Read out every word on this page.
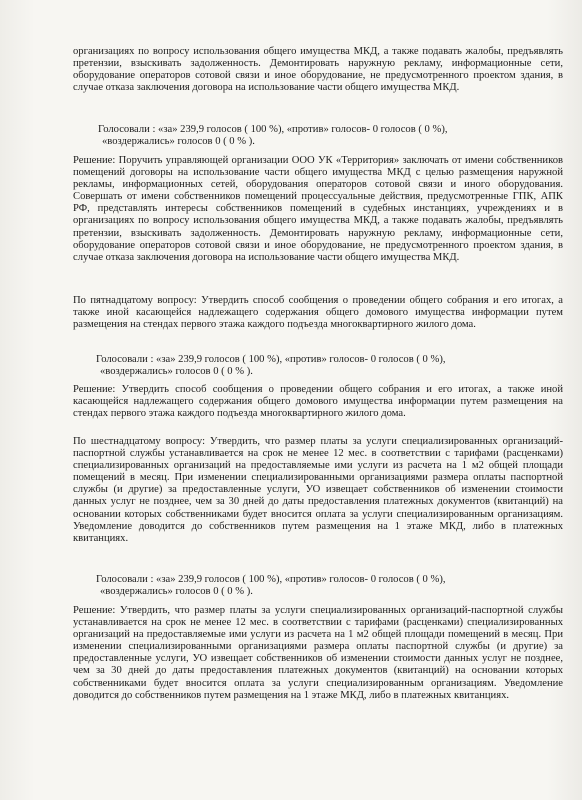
организациях по вопросу использования общего имущества МКД, а также подавать жалобы, предъявлять претензии, взыскивать задолженность. Демонтировать наружную рекламу, информационные сети, оборудование операторов сотовой связи и иное оборудование, не предусмотренного проектом здания, в случае отказа заключения договора на использование части общего имущества МКД.

Голосовали : «за» 239,9 голосов ( 100 %), «против» голосов- 0 голосов ( 0 %),
«воздержались» голосов 0 ( 0 % ).

Решение: Поручить управляющей организации ООО УК «Территория» заключать от имени собственников помещений договоры на использование части общего имущества МКД с целью размещения наружной рекламы, информационных сетей, оборудования операторов сотовой связи и иного оборудования. Совершать от имени собственников помещений процессуальные действия, предусмотренные ГПК, АПК РФ, представлять интересы собственников помещений в судебных инстанциях, учреждениях и в организациях по вопросу использования общего имущества МКД, а также подавать жалобы, предъявлять претензии, взыскивать задолженность. Демонтировать наружную рекламу, информационные сети, оборудование операторов сотовой связи и иное оборудование, не предусмотренного проектом здания, в случае отказа заключения договора на использование части общего имущества МКД.

По пятнадцатому вопросу: Утвердить способ сообщения о проведении общего собрания и его итогах, а также иной касающейся надлежащего содержания общего домового имущества информации путем размещения на стендах первого этажа каждого подъезда многоквартирного жилого дома.

Голосовали : «за» 239,9 голосов ( 100 %), «против» голосов- 0 голосов ( 0 %),
«воздержались» голосов 0 ( 0 % ).

Решение: Утвердить способ сообщения о проведении общего собрания и его итогах, а также иной касающейся надлежащего содержания общего домового имущества информации путем размещения на стендах первого этажа каждого подъезда многоквартирного жилого дома.

По шестнадцатому вопросу: Утвердить, что размер платы за услуги специализированных организаций-паспортной службы устанавливается на срок не менее 12 мес. в соответствии с тарифами (расценками) специализированных организаций на предоставляемые ими услуги из расчета на 1 м2 общей площади помещений в месяц. При изменении специализированными организациями размера оплаты паспортной службы (и другие) за предоставленные услуги, УО извещает собственников об изменении стоимости данных услуг не позднее, чем за 30 дней до даты предоставления платежных документов (квитанций) на основании которых собственниками будет вносится оплата за услуги специализированным организациям. Уведомление доводится до собственников путем размещения на 1 этаже МКД, либо в платежных квитанциях.

Голосовали : «за» 239,9 голосов ( 100 %), «против» голосов- 0 голосов ( 0 %),
«воздержались» голосов 0 ( 0 % ).

Решение: Утвердить, что размер платы за услуги специализированных организаций-паспортной службы устанавливается на срок не менее 12 мес. в соответствии с тарифами (расценками) специализированных организаций на предоставляемые ими услуги из расчета на 1 м2 общей площади помещений в месяц. При изменении специализированными организациями размера оплаты паспортной службы (и другие) за предоставленные услуги, УО извещает собственников об изменении стоимости данных услуг не позднее, чем за 30 дней до даты предоставления платежных документов (квитанций) на основании которых собственниками будет вносится оплата за услуги специализированным организациям. Уведомление доводится до собственников путем размещения на 1 этаже МКД, либо в платежных квитанциях.
